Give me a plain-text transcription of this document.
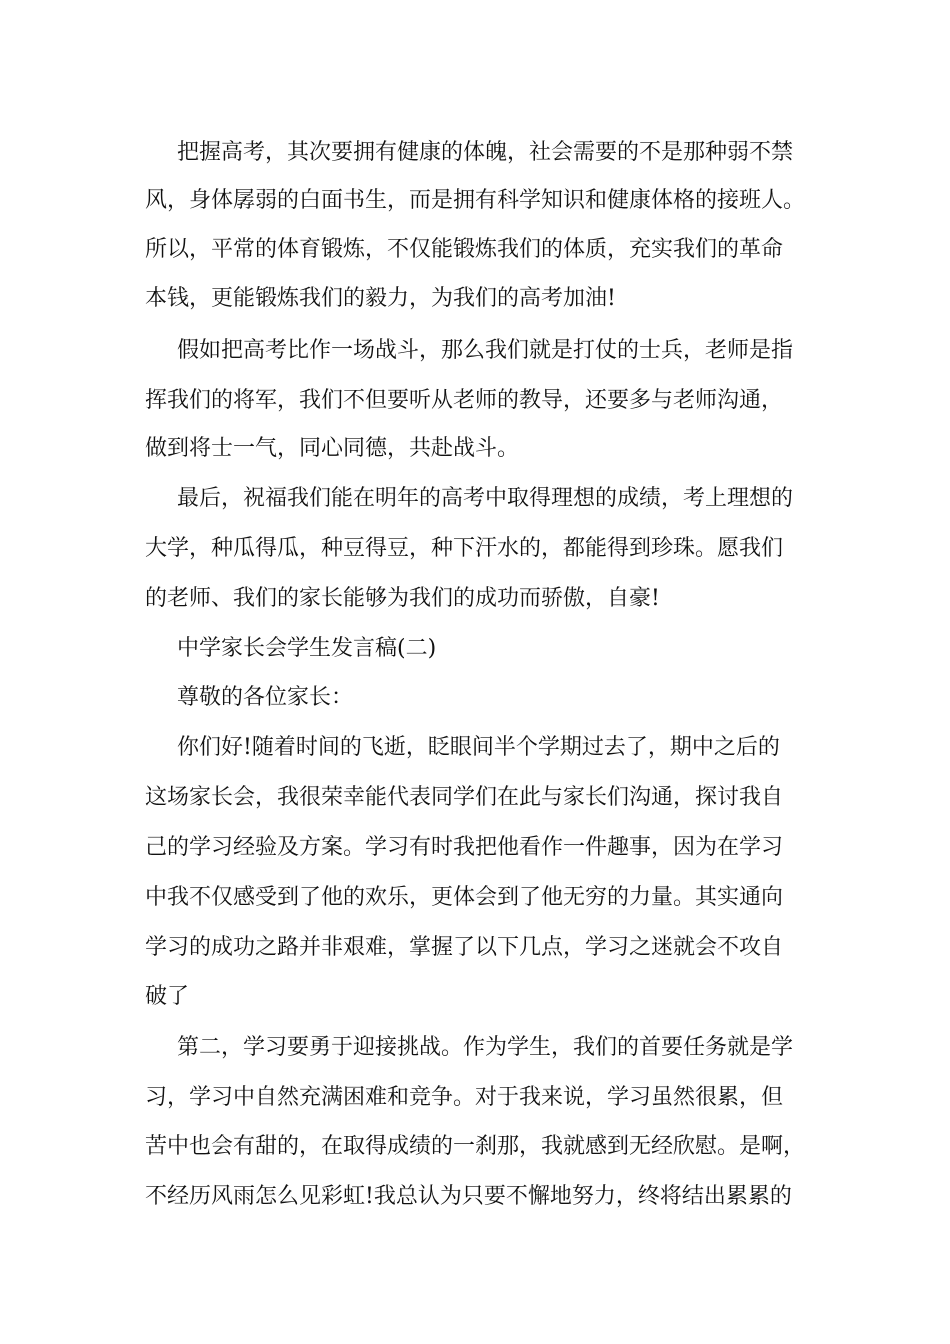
把握高考，其次要拥有健康的体魄，社会需要的不是那种弱不禁

风，身体孱弱的白面书生，而是拥有科学知识和健康体格的接班人。

所以，平常的体育锻炼，不仅能锻炼我们的体质，充实我们的革命

本钱，更能锻炼我们的毅力，为我们的高考加油!

假如把高考比作一场战斗，那么我们就是打仗的士兵，老师是指

挥我们的将军，我们不但要听从老师的教导，还要多与老师沟通，

做到将士一气，同心同德，共赴战斗。

最后，祝福我们能在明年的高考中取得理想的成绩，考上理想的

大学，种瓜得瓜，种豆得豆，种下汗水的，都能得到珍珠。愿我们

的老师、我们的家长能够为我们的成功而骄傲，自豪!

中学家长会学生发言稿(二)

尊敬的各位家长：

你们好!随着时间的飞逝，眨眼间半个学期过去了，期中之后的

这场家长会，我很荣幸能代表同学们在此与家长们沟通，探讨我自

己的学习经验及方案。学习有时我把他看作一件趣事，因为在学习

中我不仅感受到了他的欢乐，更体会到了他无穷的力量。其实通向

学习的成功之路并非艰难，掌握了以下几点，学习之迷就会不攻自

破了

第二，学习要勇于迎接挑战。作为学生，我们的首要任务就是学

习，学习中自然充满困难和竞争。对于我来说，学习虽然很累，但

苦中也会有甜的，在取得成绩的一刹那，我就感到无经欣慰。是啊，

不经历风雨怎么见彩虹!我总认为只要不懈地努力，终将结出累累的
